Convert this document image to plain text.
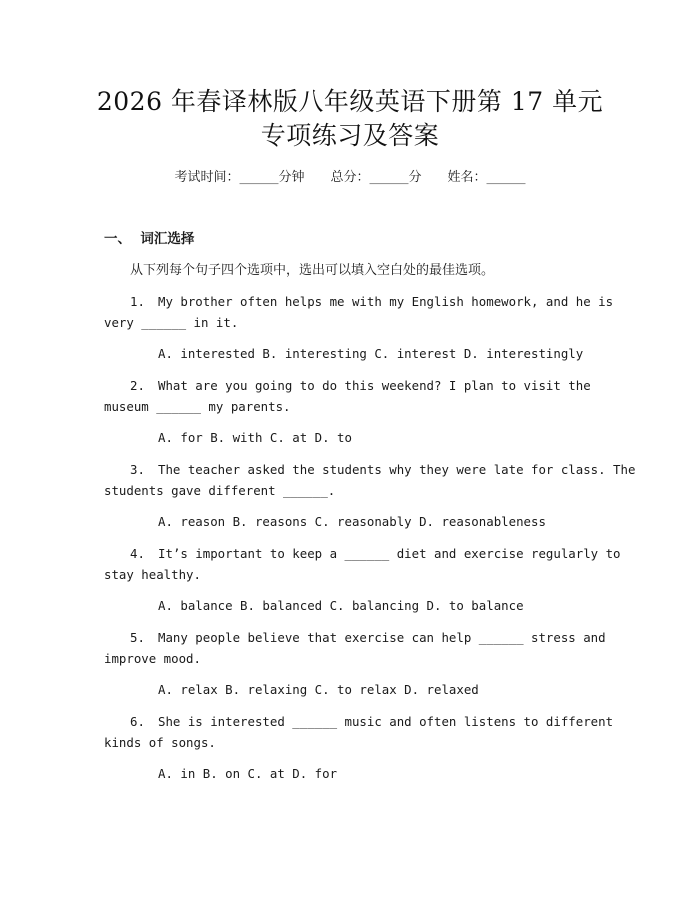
2026 年春译林版八年级英语下册第 17 单元
专项练习及答案
考试时间：______分钟 总分：______分 姓名：______
一、  词汇选择
从下列每个句子四个选项中，选出可以填入空白处的最佳选项。
1. My brother often helps me with my English homework, and he is
very ______ in it.
A. interested B. interesting C. interest D. interestingly
2. What are you going to do this weekend? I plan to visit the
museum ______ my parents.
A. for B. with C. at D. to
3. The teacher asked the students why they were late for class. The
students gave different ______.
A. reason B. reasons C. reasonably D. reasonableness
4. It’s important to keep a ______ diet and exercise regularly to
stay healthy.
A. balance B. balanced C. balancing D. to balance
5. Many people believe that exercise can help ______ stress and
improve mood.
A. relax B. relaxing C. to relax D. relaxed
6. She is interested ______ music and often listens to different
kinds of songs.
A. in B. on C. at D. for
